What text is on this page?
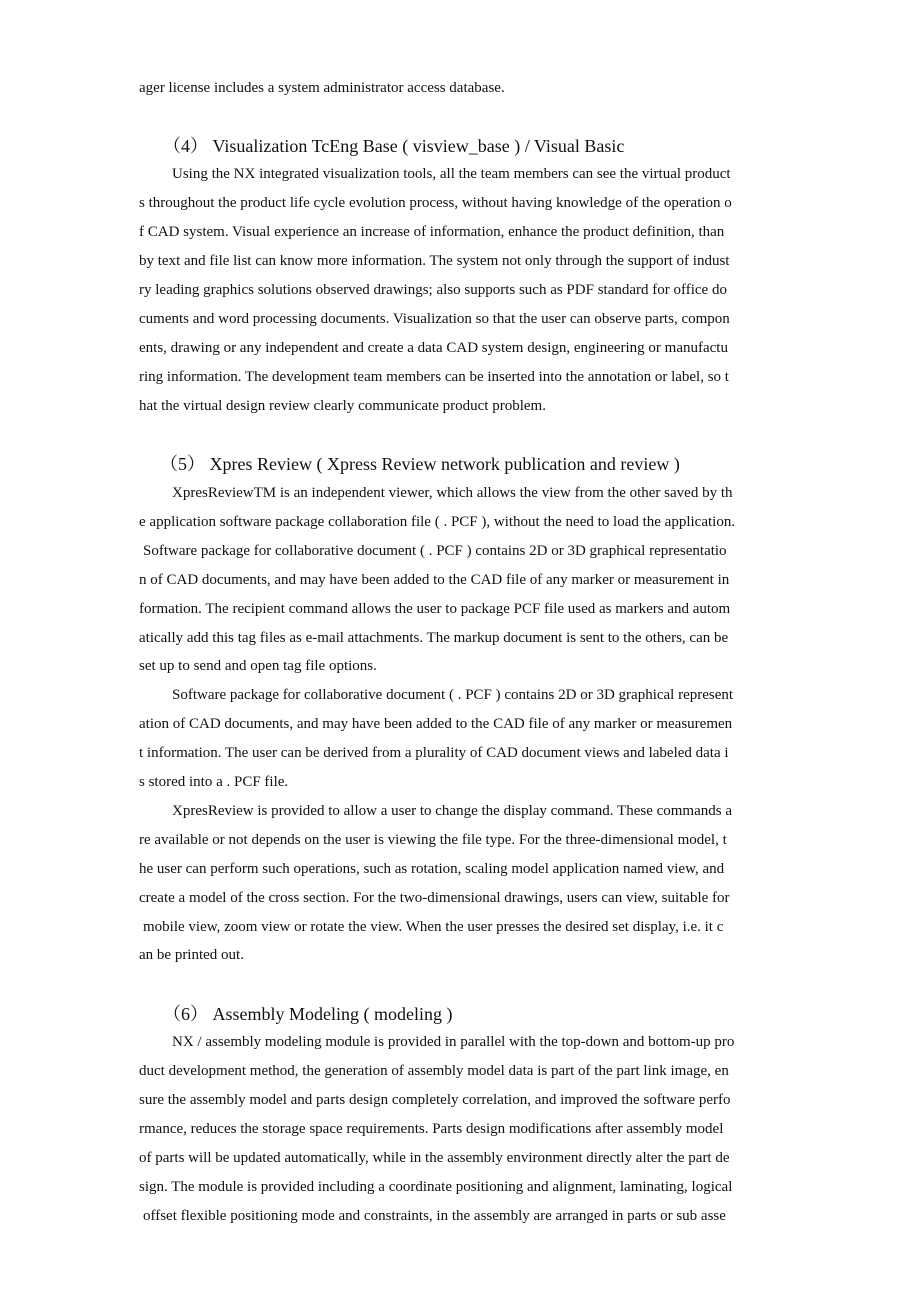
ager license includes a system administrator access database.
（4） Visualization TcEng Base ( visview_base ) / Visual Basic
Using the NX integrated visualization tools, all the team members can see the virtual product
s throughout the product life cycle evolution process, without having knowledge of the operation o
f CAD system. Visual experience an increase of information, enhance the product definition, than
by text and file list can know more information. The system not only through the support of indust
ry leading graphics solutions observed drawings; also supports such as PDF standard for office do
cuments and word processing documents. Visualization so that the user can observe parts, compon
ents, drawing or any independent and create a data CAD system design, engineering or manufactu
ring information. The development team members can be inserted into the annotation or label, so t
hat the virtual design review clearly communicate product problem.
（5） Xpres Review ( Xpress Review network publication and review )
XpresReviewTM is an independent viewer, which allows the view from the other saved by th
e application software package collaboration file ( . PCF ), without the need to load the application.
Software package for collaborative document ( . PCF ) contains 2D or 3D graphical representatio
n of CAD documents, and may have been added to the CAD file of any marker or measurement in
formation. The recipient command allows the user to package PCF file used as markers and autom
atically add this tag files as e-mail attachments. The markup document is sent to the others, can be
set up to send and open tag file options.
Software package for collaborative document ( . PCF ) contains 2D or 3D graphical represent
ation of CAD documents, and may have been added to the CAD file of any marker or measuremen
t information. The user can be derived from a plurality of CAD document views and labeled data i
s stored into a . PCF file.
XpresReview is provided to allow a user to change the display command. These commands a
re available or not depends on the user is viewing the file type. For the three-dimensional model, t
he user can perform such operations, such as rotation, scaling model application named view, and
create a model of the cross section. For the two-dimensional drawings, users can view, suitable for
mobile view, zoom view or rotate the view. When the user presses the desired set display, i.e. it c
an be printed out.
（6） Assembly Modeling ( modeling )
NX / assembly modeling module is provided in parallel with the top-down and bottom-up pro
duct development method, the generation of assembly model data is part of the part link image, en
sure the assembly model and parts design completely correlation, and improved the software perfo
rmance, reduces the storage space requirements. Parts design modifications after assembly model
of parts will be updated automatically, while in the assembly environment directly alter the part de
sign. The module is provided including a coordinate positioning and alignment, laminating, logical
offset flexible positioning mode and constraints, in the assembly are arranged in parts or sub asse
